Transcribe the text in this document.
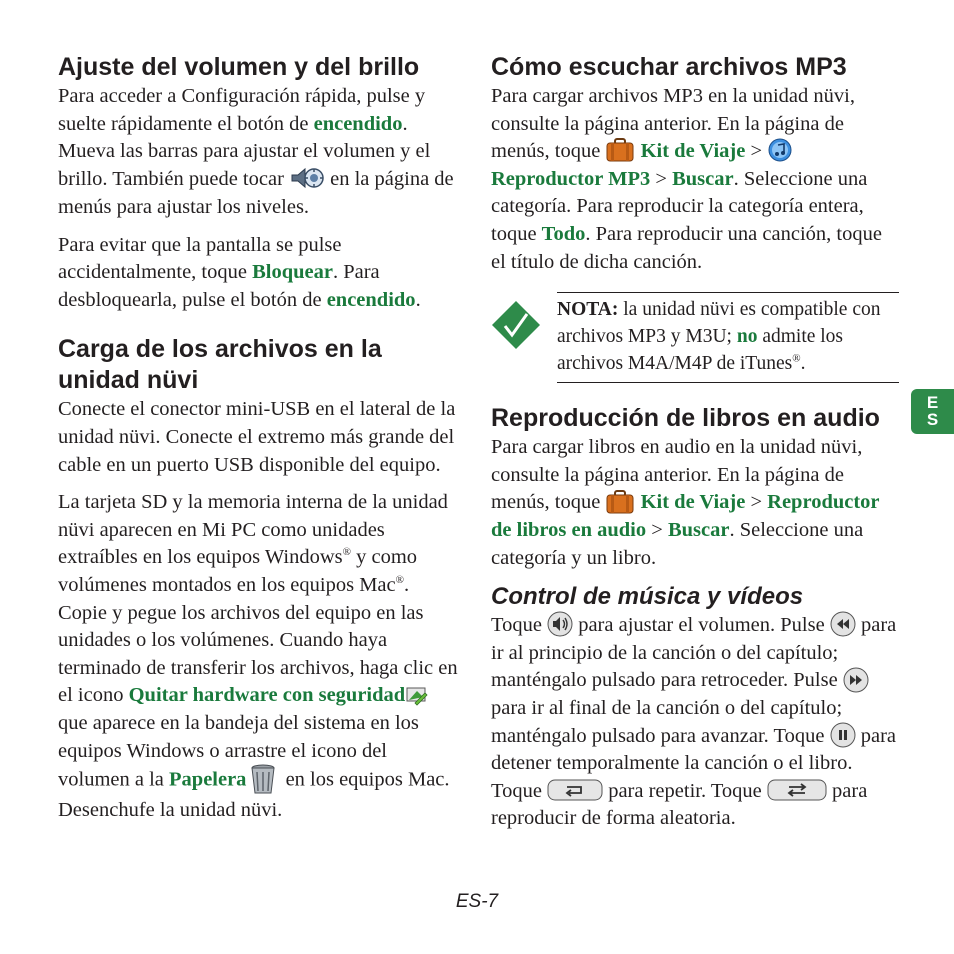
Ajuste del volumen y del brillo

Para acceder a Configuración rápida, pulse y suelte rápidamente el botón de encendido. Mueva las barras para ajustar el volumen y el brillo. También puede tocar
en la página de menús para ajustar los niveles.

Para evitar que la pantalla se pulse accidentalmente, toque Bloquear. Para desbloquearla, pulse el botón de encendido.

Carga de los archivos en la unidad nüvi

Conecte el conector mini-USB en el lateral de la unidad nüvi. Conecte el extremo más grande del cable en un puerto USB disponible del equipo.

La tarjeta SD y la memoria interna de la unidad nüvi aparecen en Mi PC como unidades extraíbles en los equipos Windows® y como volúmenes montados en los equipos Mac®. Copie y pegue los archivos del equipo en las unidades o los volúmenes. Cuando haya terminado de transferir los archivos, haga clic en el icono Quitar hardware con seguridad
que aparece en la bandeja del sistema en los equipos Windows o arrastre el icono del volumen a la Papelera
en los equipos Mac. Desenchufe la unidad nüvi.

Cómo escuchar archivos MP3

Para cargar archivos MP3 en la unidad nüvi, consulte la página anterior. En la página de menús, toque
Kit de Viaje >
Reproductor MP3 > Buscar. Seleccione una categoría. Para reproducir la categoría entera, toque Todo. Para reproducir una canción, toque el título de dicha canción.

NOTA: la unidad nüvi es compatible con archivos MP3 y M3U; no admite los archivos M4A/M4P de iTunes®.

Reproducción de libros en audio

Para cargar libros en audio en la unidad nüvi, consulte la página anterior. En la página de menús, toque
Kit de Viaje > Reproductor de libros en audio > Buscar. Seleccione una categoría y un libro.

Control de música y vídeos

Toque
para ajustar el volumen. Pulse
para ir al principio de la canción o del capítulo; manténgalo pulsado para retroceder. Pulse
para ir al final de la canción o del capítulo; manténgalo pulsado para avanzar. Toque
para detener temporalmente la canción o el libro. Toque	para repetir. Toque	para reproducir de forma aleatoria.

E
S
ES-7
